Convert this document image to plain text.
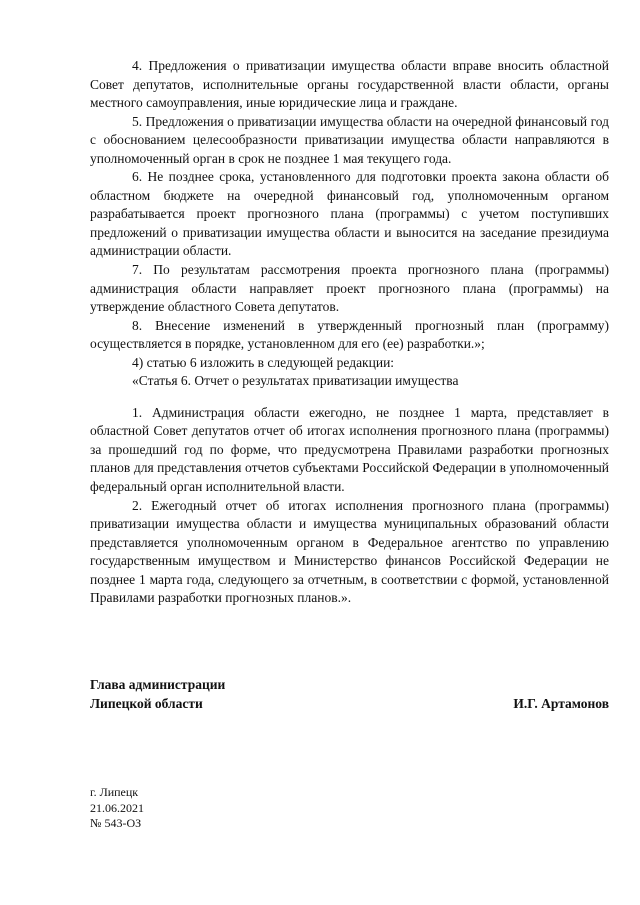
4. Предложения о приватизации имущества области вправе вносить областной Совет депутатов, исполнительные органы государственной власти области, органы местного самоуправления, иные юридические лица и граждане.

5. Предложения о приватизации имущества области на очередной финансовый год с обоснованием целесообразности приватизации имущества области направляются в уполномоченный орган в срок не позднее 1 мая текущего года.

6. Не позднее срока, установленного для подготовки проекта закона области об областном бюджете на очередной финансовый год, уполномоченным органом разрабатывается проект прогнозного плана (программы) с учетом поступивших предложений о приватизации имущества области и выносится на заседание президиума администрации области.

7. По результатам рассмотрения проекта прогнозного плана (программы) администрация области направляет проект прогнозного плана (программы) на утверждение областного Совета депутатов.

8. Внесение изменений в утвержденный прогнозный план (программу) осуществляется в порядке, установленном для его (ее) разработки.»;

4) статью 6 изложить в следующей редакции:

«Статья 6. Отчет о результатах приватизации имущества

1. Администрация области ежегодно, не позднее 1 марта, представляет в областной Совет депутатов отчет об итогах исполнения прогнозного плана (программы) за прошедший год по форме, что предусмотрена Правилами разработки прогнозных планов для представления отчетов субъектами Российской Федерации в уполномоченный федеральный орган исполнительной власти.

2. Ежегодный отчет об итогах исполнения прогнозного плана (программы) приватизации имущества области и имущества муниципальных образований области представляется уполномоченным органом в Федеральное агентство по управлению государственным имуществом и Министерство финансов Российской Федерации не позднее 1 марта года, следующего за отчетным, в соответствии с формой, установленной Правилами разработки прогнозных планов.».

Глава администрации
Липецкой области	И.Г. Артамонов
г. Липецк
21.06.2021
№ 543-ОЗ
